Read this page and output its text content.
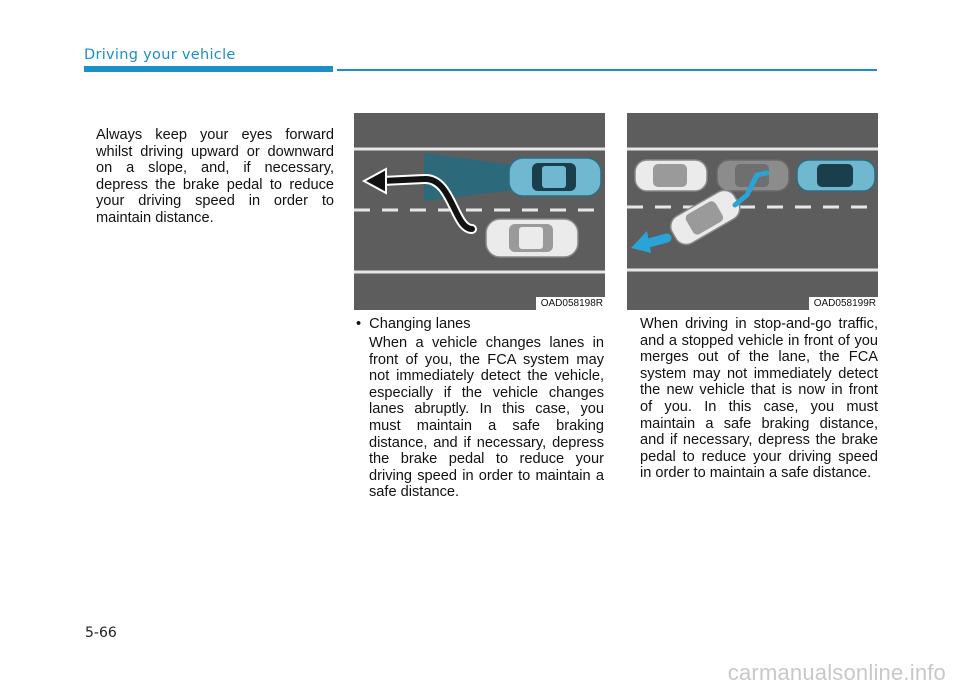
Driving your vehicle

Always keep your eyes forward whilst driving upward or downward on a slope, and, if necessary, depress the brake pedal to reduce your driving speed in order to maintain distance.

OAD058198R	OAD058199R
• Changing lanes

When a vehicle changes lanes in front of you, the FCA system may not immediately detect the vehicle, especially if the vehicle changes lanes abruptly. In this case, you must maintain a safe braking distance, and if necessary, depress the brake pedal to reduce your driving speed in order to maintain a safe distance.

When driving in stop-and-go traffic, and a stopped vehicle in front of you merges out of the lane, the FCA system may not immediately detect the new vehicle that is now in front of you. In this case, you must maintain a safe braking distance, and if necessary, depress the brake pedal to reduce your driving speed in order to maintain a safe distance.

5-66
carmanualsonline.info
